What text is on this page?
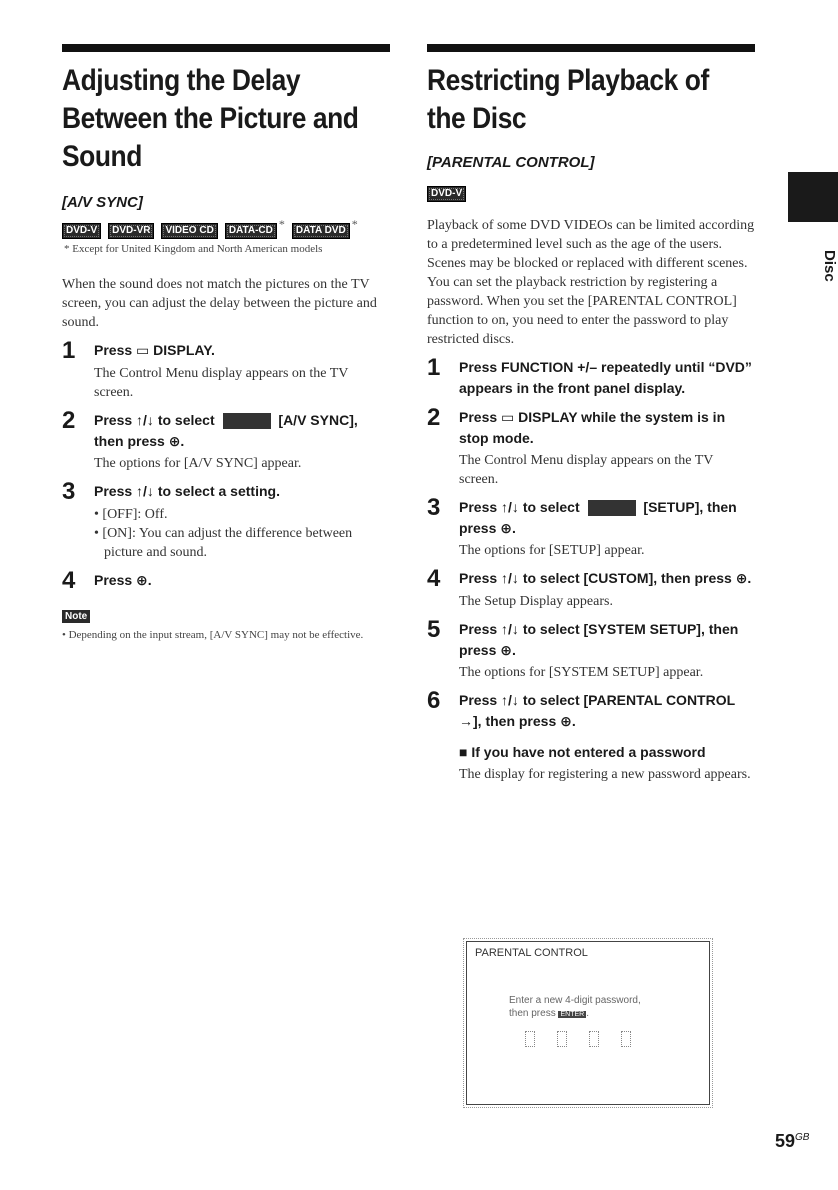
Adjusting the Delay
Between the Picture and
Sound

[A/V SYNC]

DVD-V	DVD-VR	VIDEO CD	DATA-CD *	DATA DVD *
* Except for United Kingdom and North American models

When the sound does not match the pictures on the TV screen, you can adjust the delay between the picture and sound.

1	Press ▭ DISPLAY.
The Control Menu display appears on the TV screen.
2	Press ↑/↓ to select	[A/V SYNC], then press ⊕.
The options for [A/V SYNC] appear.
3	Press ↑/↓ to select a setting.
• [OFF]: Off.
• [ON]: You can adjust the difference between picture and sound.
4	Press ⊕.
Note
• Depending on the input stream, [A/V SYNC] may not be effective.
Restricting Playback of
the Disc

[PARENTAL CONTROL]

DVD-V

Playback of some DVD VIDEOs can be limited according to a predetermined level such as the age of the users. Scenes may be blocked or replaced with different scenes.

You can set the playback restriction by registering a password. When you set the [PARENTAL CONTROL] function to on, you need to enter the password to play restricted discs.

1	Press FUNCTION +/– repeatedly until “DVD” appears in the front panel display.
2	Press ▭ DISPLAY while the system is in stop mode.
The Control Menu display appears on the TV screen.
3	Press ↑/↓ to select	[SETUP], then press ⊕.
The options for [SETUP] appear.
4	Press ↑/↓ to select [CUSTOM], then press ⊕.
The Setup Display appears.
5	Press ↑/↓ to select [SYSTEM SETUP], then press ⊕.
The options for [SYSTEM SETUP] appear.
6	Press ↑/↓ to select [PARENTAL CONTROL →], then press ⊕.
■ If you have not entered a password
The display for registering a new password appears.
PARENTAL CONTROL
Enter a new 4-digit password,
then press ENTER .
Disc
$59^{GB}$
